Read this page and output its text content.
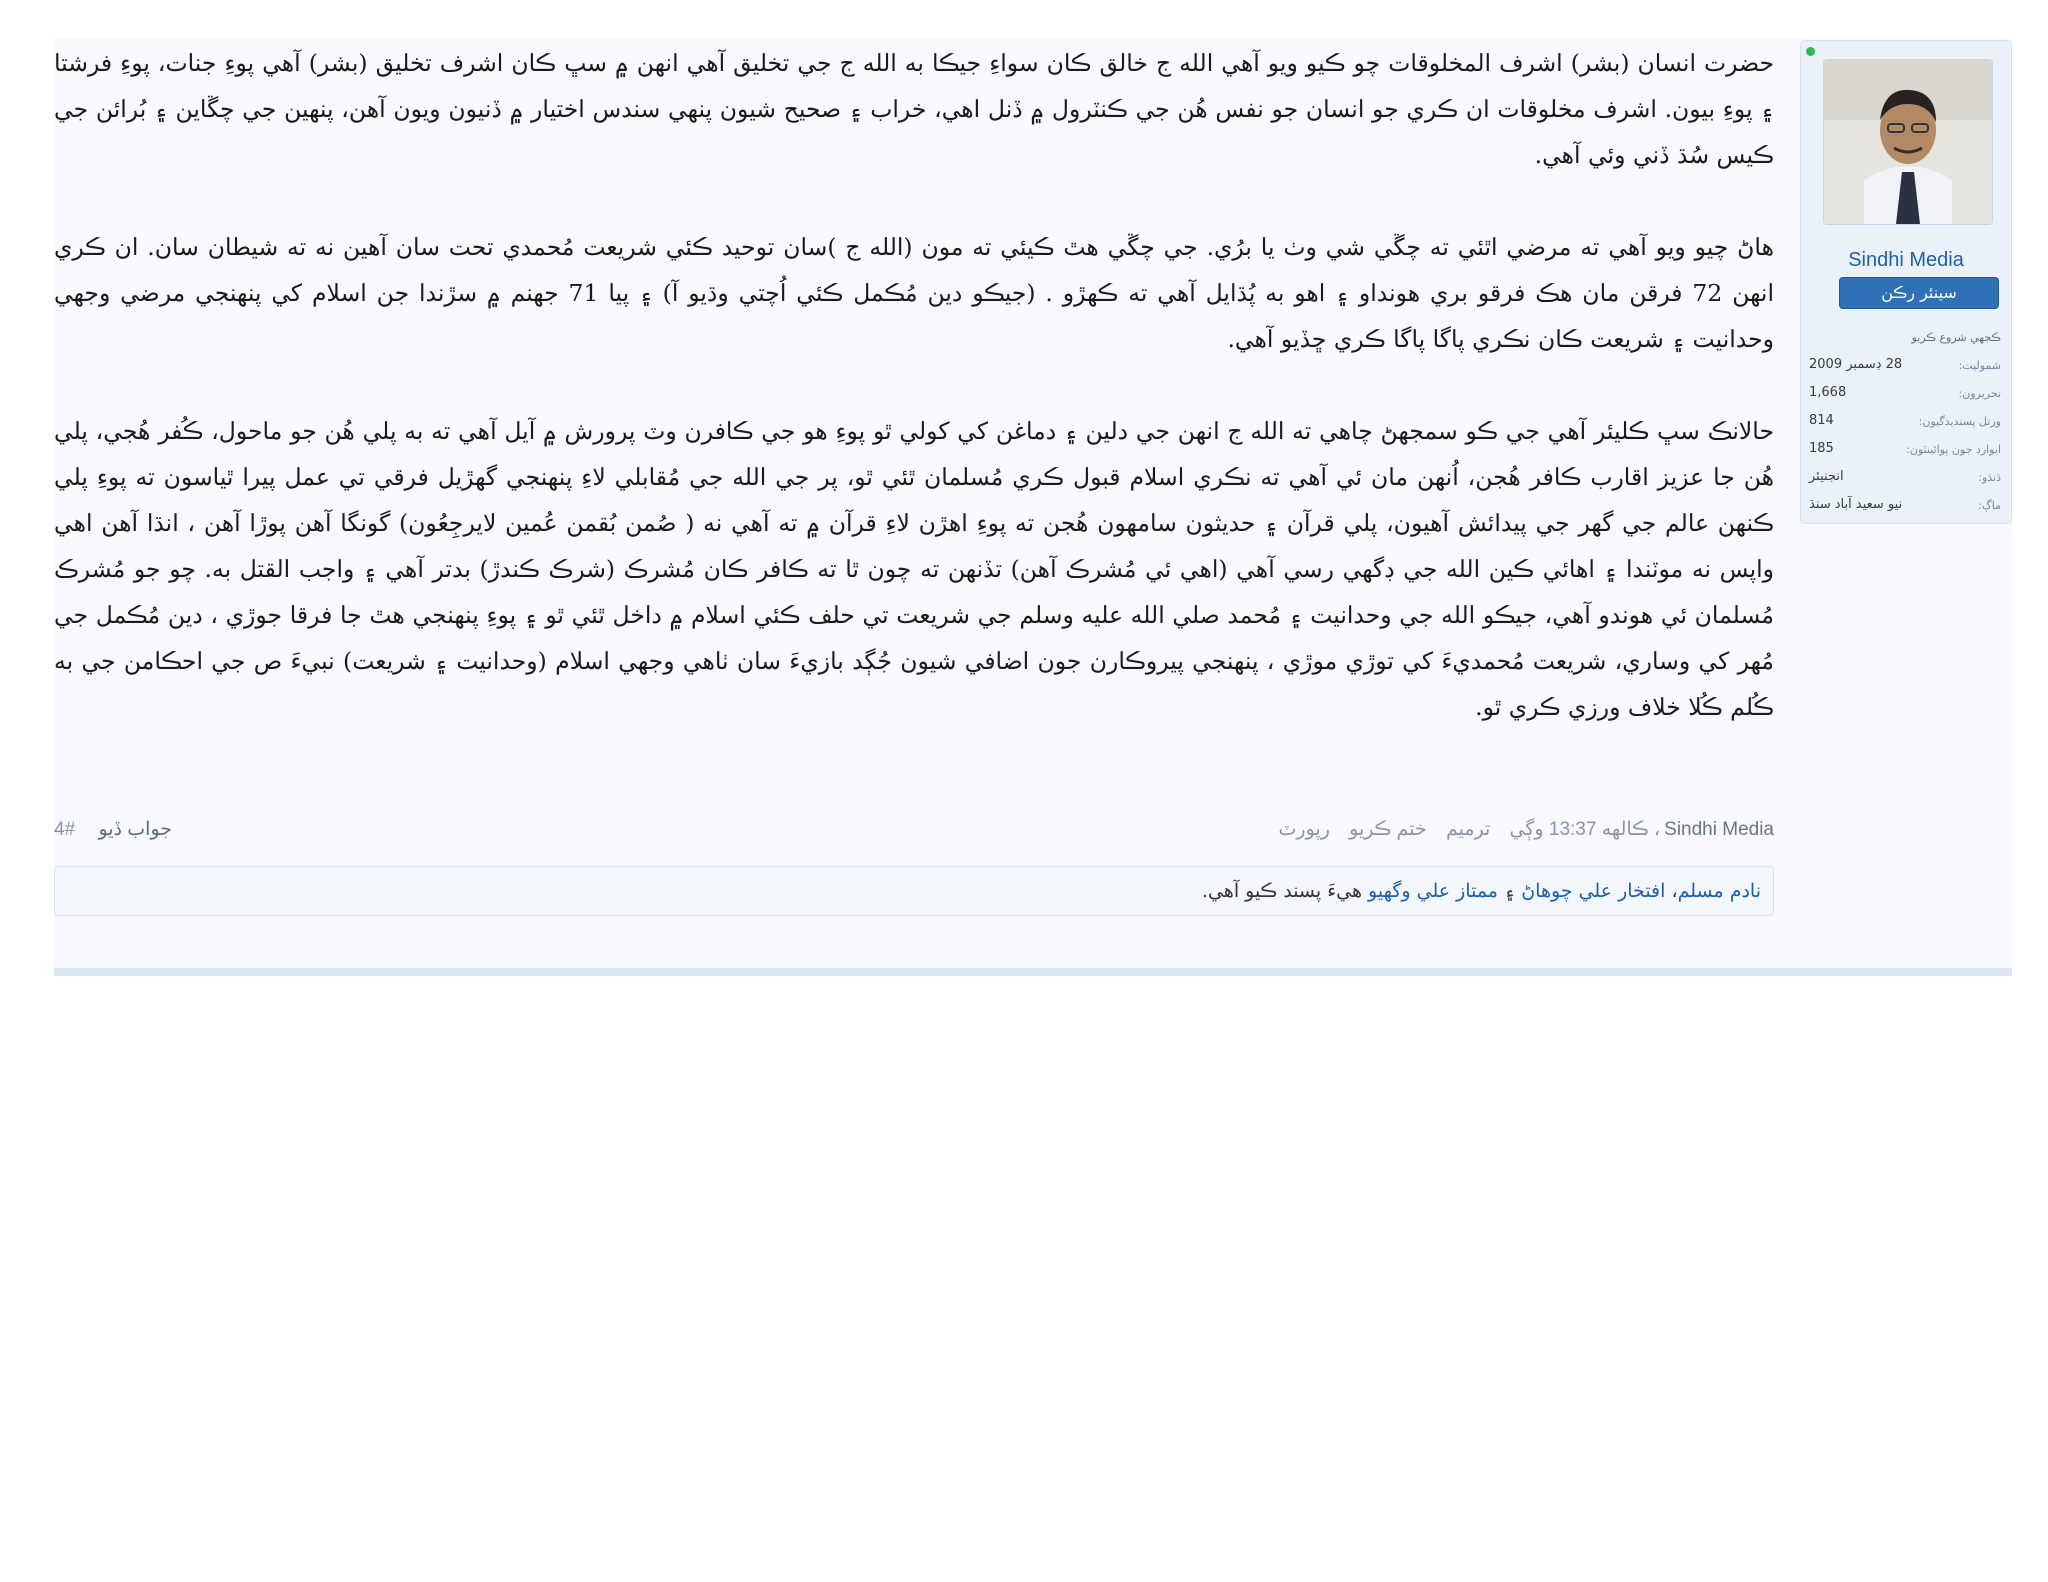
Sindhi Media
سينئر رڪن
ڪجهي شروع ڪريو
شموليت:
28 ڊسمبر 2009
تحريرون:
1,668
ورتل پسنديدگيون:
814
ايوارڊ جون پوائينٽون:
185
ڌنڌو:
انجنيئر
ماڳ:
نيو سعيد آباد سنڌ

حضرت انسان (بشر) اشرف المخلوقات چو ڪيو ويو آهي الله ج خالق ڪان سواءِ جيڪا به الله ج جي تخليق آهي انهن ۾ سڀ ڪان اشرف تخليق (بشر) آهي پوءِ جنات، پوءِ فرشتا ۽ پوءِ بيون. اشرف مخلوقات ان ڪري جو انسان جو نفس هُن جي ڪنٽرول ۾ ڏنل اهي، خراب ۽ صحيح شيون پنهي سندس اختيار ۾ ڏنيون ويون آهن، پنهين جي چڱاين ۽ بُرائن جي ڪيس سُڌ ڏني وئي آهي.

هاڻ چيو ويو آهي ته مرضي اٿئي ته چڱي شي وٺ يا برُي. جي چڱي هٿ ڪيئي ته مون (الله ج )سان توحيد ڪئي شريعت مُحمدي تحت سان آهين نه ته شيطان سان. ان ڪري انهن 72 فرقن مان هڪ فرقو بري هونداو ۽ اهو به پُڌايل آهي ته ڪهڙو . (جيڪو دين مُڪمل ڪئي اُچتي وڌيو آ) ۽ پيا 71 جهنم ۾ سڙندا جن اسلام کي پنهنجي مرضي وجهي وحدانيت ۽ شريعت ڪان نڪري پاگا پاگا ڪري ڇڏيو آهي.

حالانڪ سڀ ڪليئر آهي جي ڪو سمجهڻ چاهي ته الله ج انهن جي دلين ۽ دماغن کي کولي ٿو پوءِ هو جي ڪافرن وٽ پرورش ۾ آيل آهي ته به پلي هُن جو ماحول، ڪُفر هُجي، پلي هُن جا عزيز اقارب ڪافر هُجن، اُنهن مان ئي آهي ته نڪري اسلام قبول ڪري مُسلمان ٿئي ٿو، پر جي الله جي مُقابلي لاءِ پنهنجي گهڙيل فرقي تي عمل پيرا ٿياسون ته پوءِ پلي ڪنهن عالم جي گهر جي پيدائش آهيون، پلي قرآن ۽ حديثون سامهون هُجن ته پوءِ اهڙن لاءِ قرآن ۾ ته آهي نه ( صُمن بُقمن عُمين لايرجِعُون) گونگا آهن پوڙا آهن ، انڌا آهن اهي واپس نه موٽندا ۽ اهائي ڪين الله جي ڊگهي رسي آهي (اهي ئي مُشرڪ آهن) تڏنهن ته چون ٿا ته ڪافر ڪان مُشرڪ (شرڪ ڪندڙ) بدتر آهي ۽ واجب القتل به. چو جو مُشرڪ مُسلمان ئي هوندو آهي، جيڪو الله جي وحدانيت ۽ مُحمد صلي الله عليه وسلم جي شريعت تي حلف ڪئي اسلام ۾ داخل ٿئي ٿو ۽ پوءِ پنهنجي هٿ جا فرقا جوڙي ، دين مُڪمل جي مُهر کي وساري، شريعت مُحمديءَ کي توڙي موڙي ، پنهنجي پيروڪارن جون اضافي شيون جُڳد بازيءَ سان ٺاهي وجهي اسلام (وحدانيت ۽ شريعت) نبيءَ ص جي احڪامن جي به ڪُلم ڪُلا خلاف ورزي ڪري ٿو.

Sindhi Media، ڪالهه 13:37 وڳي ترميم ختم ڪريو رپورٽ
جواب ڏيو #4
نادم مسلم، افتخار علي چوهاڻ ۽ ممتاز علي وگهيو هيءَ پسند ڪيو آهي.
